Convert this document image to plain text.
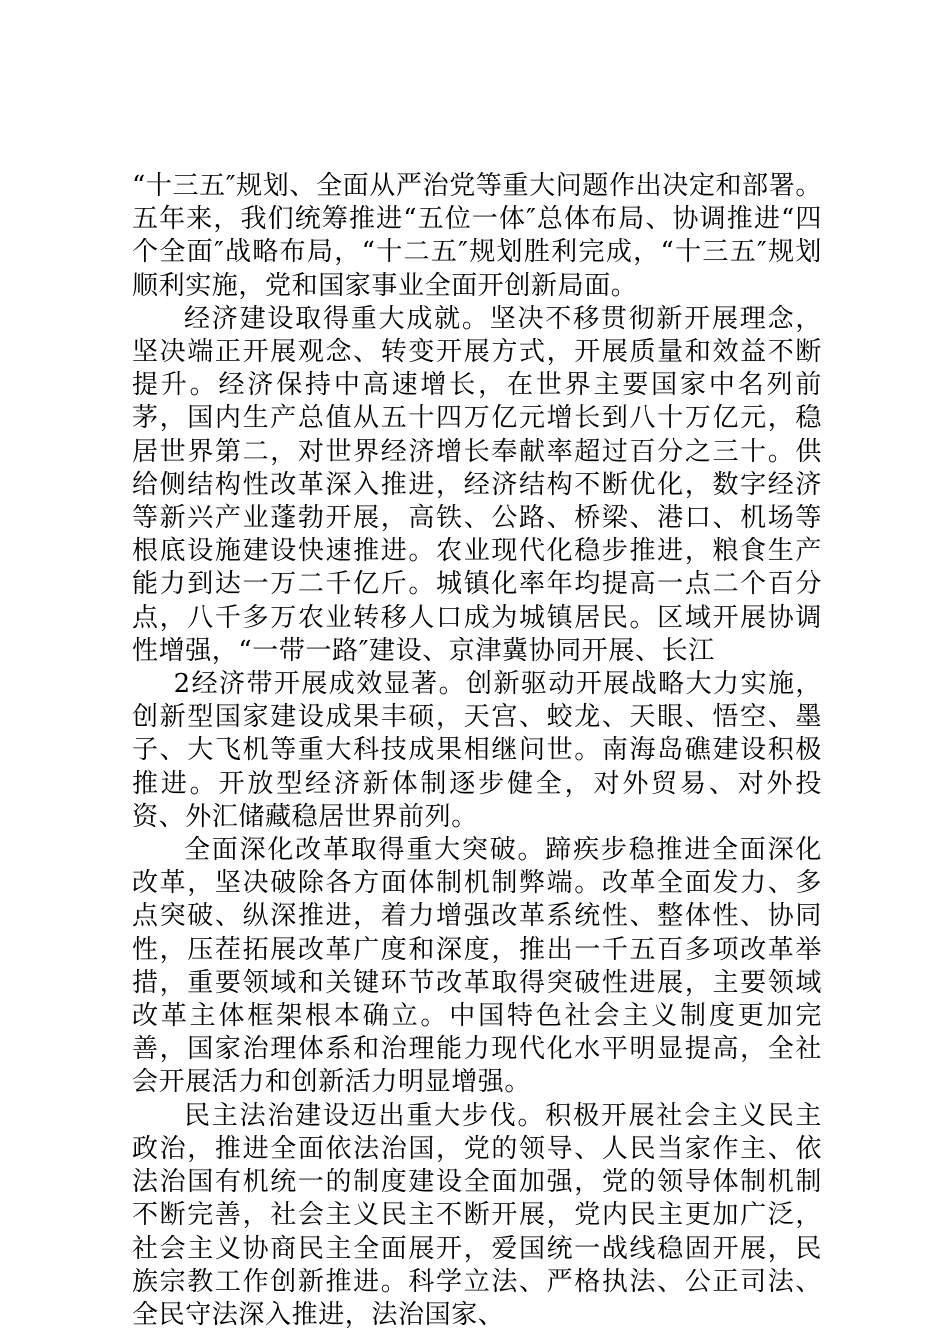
“十三五″规划、全面从严治党等重大问题作出决定和部署。五年来，我们统筹推进“五位一体″总体布局、协调推进“四个全面″战略布局，“十二五″规划胜利完成，“十三五″规划顺利实施，党和国家事业全面开创新局面。

经济建设取得重大成就。坚决不移贯彻新开展理念，坚决端正开展观念、转变开展方式，开展质量和效益不断提升。经济保持中高速增长，在世界主要国家中名列前茅，国内生产总值从五十四万亿元增长到八十万亿元，稳居世界第二，对世界经济增长奉献率超过百分之三十。供给侧结构性改革深入推进，经济结构不断优化，数字经济等新兴产业蓬勃开展，高铁、公路、桥梁、港口、机场等根底设施建设快速推进。农业现代化稳步推进，粮食生产能力到达一万二千亿斤。城镇化率年均提高一点二个百分点，八千多万农业转移人口成为城镇居民。区域开展协调性增强，“一带一路″建设、京津冀协同开展、长江

2经济带开展成效显著。创新驱动开展战略大力实施，创新型国家建设成果丰硕，天宫、蛟龙、天眼、悟空、墨子、大飞机等重大科技成果相继问世。南海岛礁建设积极推进。开放型经济新体制逐步健全，对外贸易、对外投资、外汇储藏稳居世界前列。

全面深化改革取得重大突破。蹄疾步稳推进全面深化改革，坚决破除各方面体制机制弊端。改革全面发力、多点突破、纵深推进，着力增强改革系统性、整体性、协同性，压茬拓展改革广度和深度，推出一千五百多项改革举措，重要领域和关键环节改革取得突破性进展，主要领域改革主体框架根本确立。中国特色社会主义制度更加完善，国家治理体系和治理能力现代化水平明显提高，全社会开展活力和创新活力明显增强。

民主法治建设迈出重大步伐。积极开展社会主义民主政治，推进全面依法治国，党的领导、人民当家作主、依法治国有机统一的制度建设全面加强，党的领导体制机制不断完善，社会主义民主不断开展，党内民主更加广泛，社会主义协商民主全面展开，爱国统一战线稳固开展，民族宗教工作创新推进。科学立法、严格执法、公正司法、全民守法深入推进，法治国家、
